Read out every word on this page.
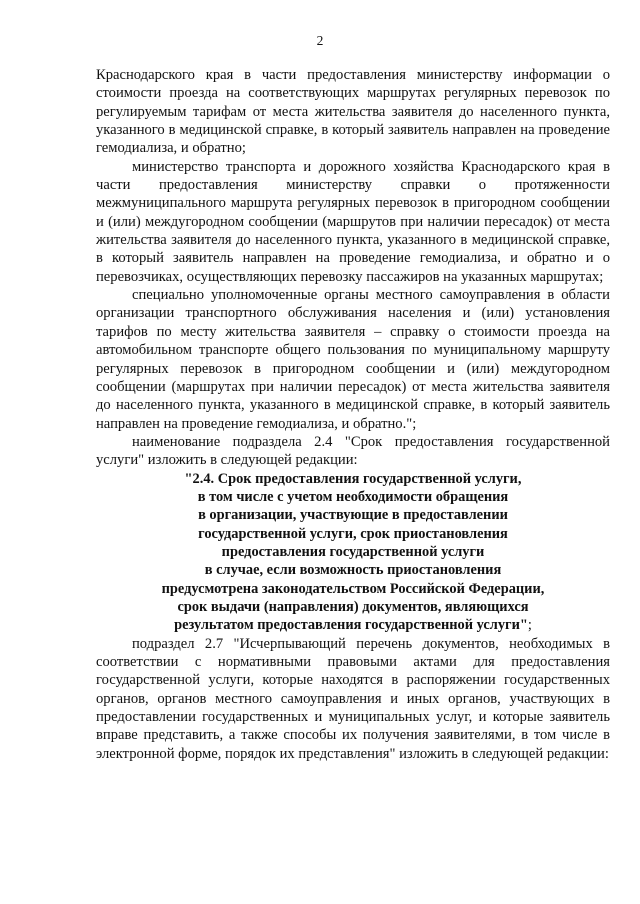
2

Краснодарского края в части предоставления министерству информации о стоимости проезда на соответствующих маршрутах регулярных перевозок по регулируемым тарифам от места жительства заявителя до населенного пункта, указанного в медицинской справке, в который заявитель направлен на проведение гемодиализа, и обратно;

министерство транспорта и дорожного хозяйства Краснодарского края в части предоставления министерству справки о протяженности межмуниципального маршрута регулярных перевозок в пригородном сообщении и (или) междугородном сообщении (маршрутов при наличии пересадок) от места жительства заявителя до населенного пункта, указанного в медицинской справке, в который заявитель направлен на проведение гемодиализа, и обратно и о перевозчиках, осуществляющих перевозку пассажиров на указанных маршрутах;

специально уполномоченные органы местного самоуправления в области организации транспортного обслуживания населения и (или) установления тарифов по месту жительства заявителя – справку о стоимости проезда на автомобильном транспорте общего пользования по муниципальному маршруту регулярных перевозок в пригородном сообщении и (или) междугородном сообщении (маршрутах при наличии пересадок) от места жительства заявителя до населенного пункта, указанного в медицинской справке, в который заявитель направлен на проведение гемодиализа, и обратно.";

наименование подраздела 2.4 "Срок предоставления государственной услуги" изложить в следующей редакции:

"2.4. Срок предоставления государственной услуги,
в том числе с учетом необходимости обращения
в организации, участвующие в предоставлении
государственной услуги, срок приостановления
предоставления государственной услуги
в случае, если возможность приостановления
предусмотрена законодательством Российской Федерации,
срок выдачи (направления) документов, являющихся
результатом предоставления государственной услуги";

подраздел 2.7 "Исчерпывающий перечень документов, необходимых в соответствии с нормативными правовыми актами для предоставления государственной услуги, которые находятся в распоряжении государственных органов, органов местного самоуправления и иных органов, участвующих в предоставлении государственных и муниципальных услуг, и которые заявитель вправе представить, а также способы их получения заявителями, в том числе в электронной форме, порядок их представления" изложить в следующей редакции:
